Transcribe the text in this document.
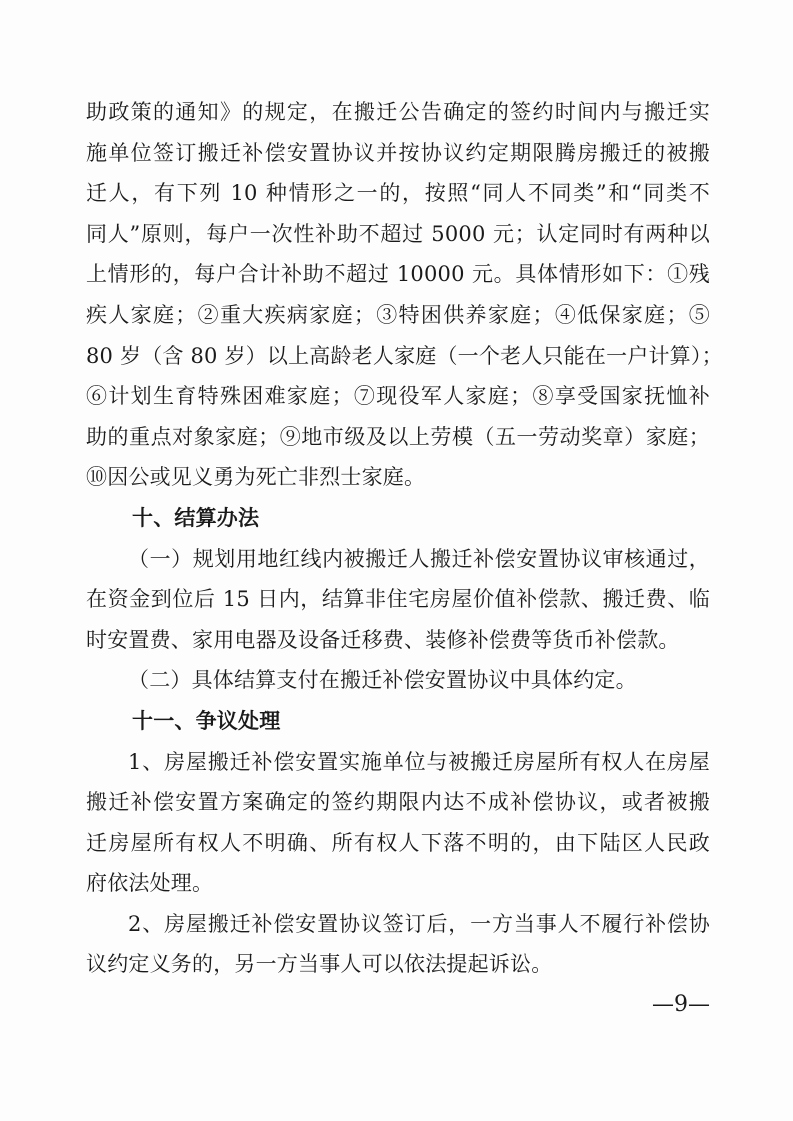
助政策的通知》的规定，在搬迁公告确定的签约时间内与搬迁实
施单位签订搬迁补偿安置协议并按协议约定期限腾房搬迁的被搬
迁人，有下列 10 种情形之一的，按照“同人不同类”和“同类不
同人”原则，每户一次性补助不超过 5000 元；认定同时有两种以
上情形的，每户合计补助不超过 10000 元。具体情形如下：①残
疾人家庭；②重大疾病家庭；③特困供养家庭；④低保家庭；⑤
80 岁（含 80 岁）以上高龄老人家庭（一个老人只能在一户计算）；
⑥计划生育特殊困难家庭；⑦现役军人家庭；⑧享受国家抚恤补
助的重点对象家庭；⑨地市级及以上劳模（五一劳动奖章）家庭；
⑩因公或见义勇为死亡非烈士家庭。
十、结算办法
（一）规划用地红线内被搬迁人搬迁补偿安置协议审核通过，
在资金到位后 15 日内，结算非住宅房屋价值补偿款、搬迁费、临
时安置费、家用电器及设备迁移费、装修补偿费等货币补偿款。
（二）具体结算支付在搬迁补偿安置协议中具体约定。
十一、争议处理
1、房屋搬迁补偿安置实施单位与被搬迁房屋所有权人在房屋
搬迁补偿安置方案确定的签约期限内达不成补偿协议，或者被搬
迁房屋所有权人不明确、所有权人下落不明的，由下陆区人民政
府依法处理。
2、房屋搬迁补偿安置协议签订后，一方当事人不履行补偿协
议约定义务的，另一方当事人可以依法提起诉讼。
—9—
